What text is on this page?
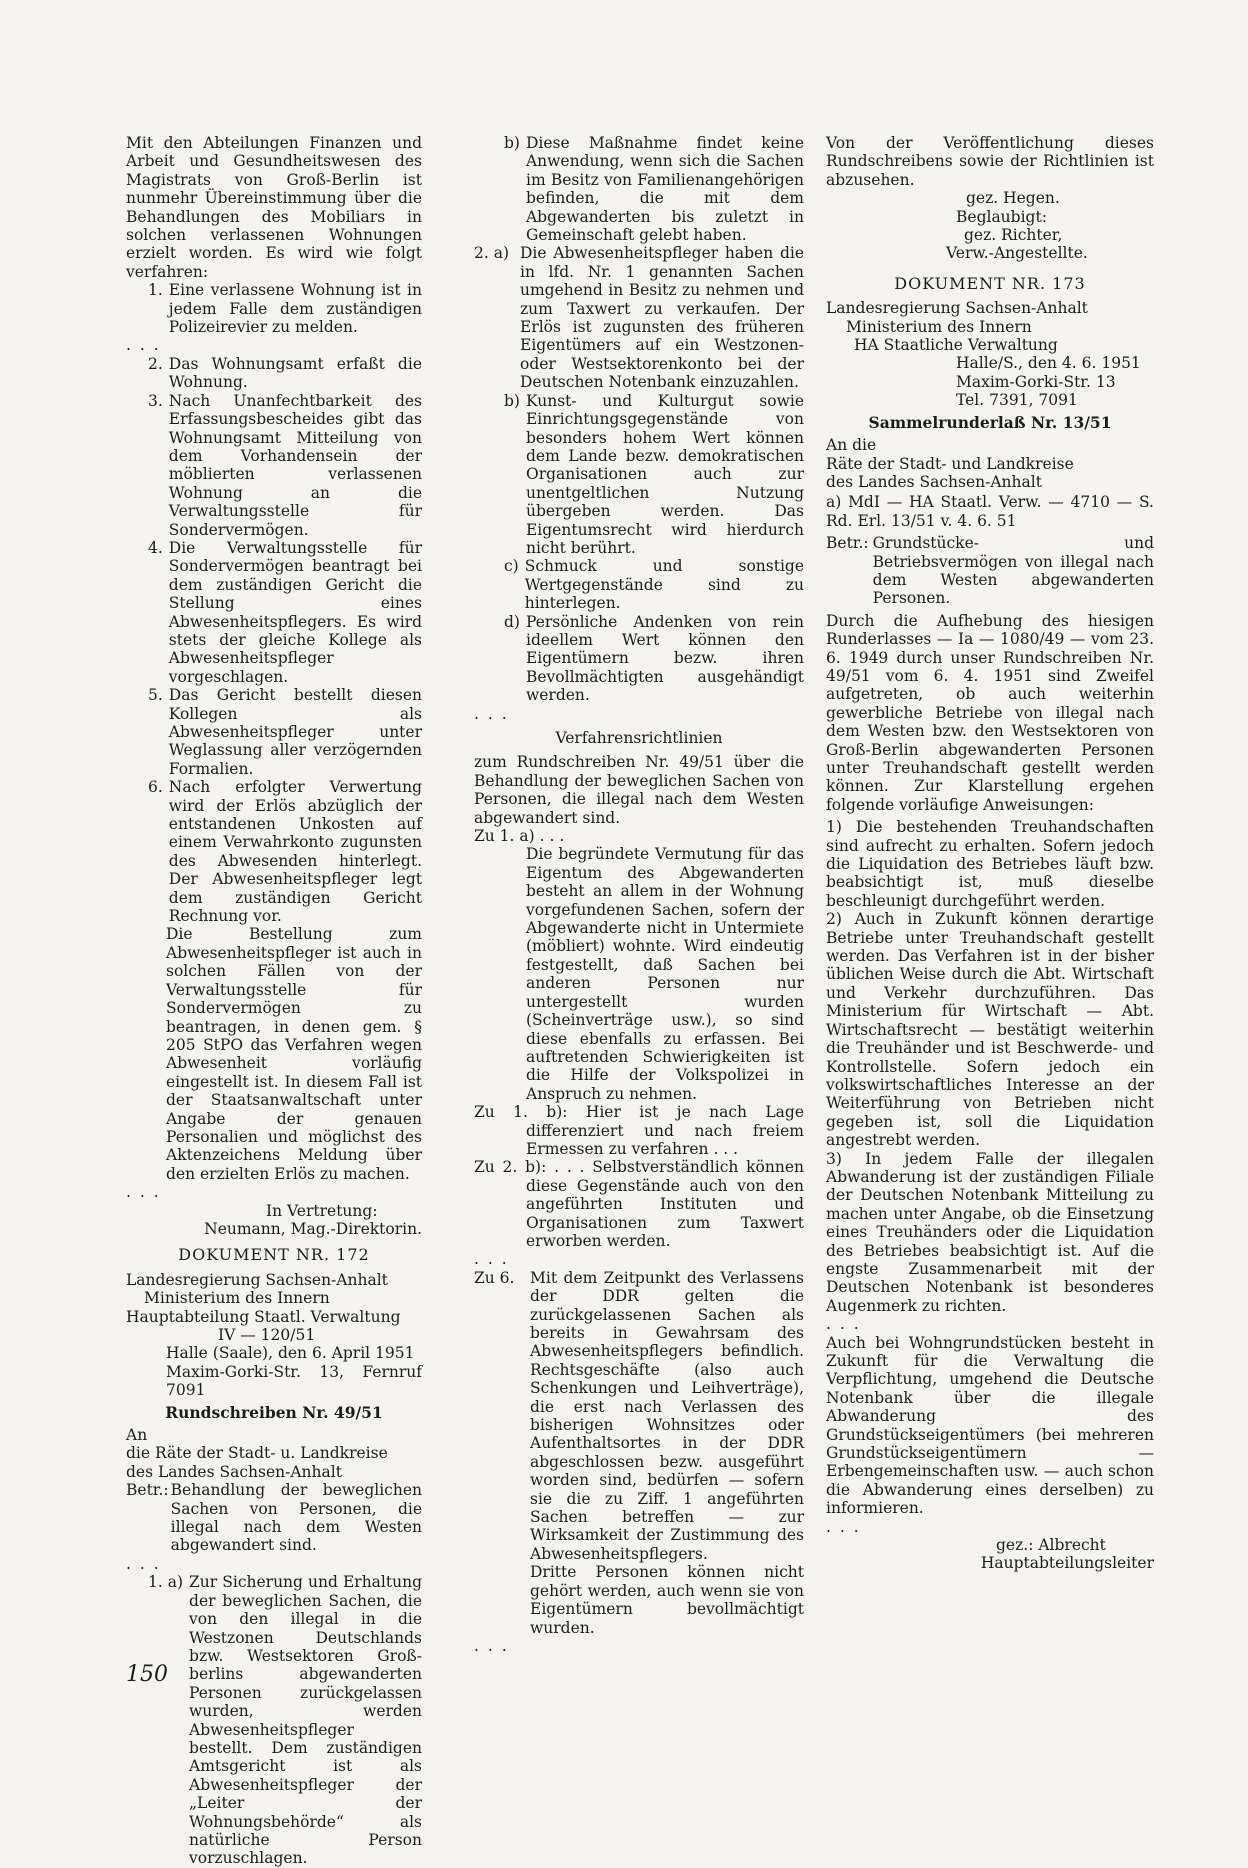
Mit den Abteilungen Finanzen und Arbeit und Gesundheitswesen des Magistrats von Groß-Berlin ist nunmehr Übereinstimmung über die Behandlungen des Mobiliars in solchen verlassenen Wohnungen erzielt worden. Es wird wie folgt verfahren:

1. Eine verlassene Wohnung ist in jedem Falle dem zuständigen Polizeirevier zu melden.

. . .

2. Das Wohnungsamt erfaßt die Wohnung.
3. Nach Unanfechtbarkeit des Erfassungsbescheides gibt das Wohnungsamt Mitteilung von dem Vorhandensein der möblierten verlassenen Wohnung an die Verwaltungsstelle für Sondervermögen.
4. Die Verwaltungsstelle für Sondervermögen beantragt bei dem zuständigen Gericht die Stellung eines Abwesenheitspflegers. Es wird stets der gleiche Kollege als Abwesenheitspfleger vorgeschlagen.
5. Das Gericht bestellt diesen Kollegen als Abwesenheitspfleger unter Weglassung aller verzögernden Formalien.
6. Nach erfolgter Verwertung wird der Erlös abzüglich der entstandenen Unkosten auf einem Verwahrkonto zugunsten des Abwesenden hinterlegt. Der Abwesenheitspfleger legt dem zuständigen Gericht Rechnung vor.

Die Bestellung zum Abwesenheitspfleger ist auch in solchen Fällen von der Verwaltungsstelle für Sondervermögen zu beantragen, in denen gem. § 205 StPO das Verfahren wegen Abwesenheit vorläufig eingestellt ist. In diesem Fall ist der Staatsanwaltschaft unter Angabe der genauen Personalien und möglichst des Aktenzeichens Meldung über den erzielten Erlös zu machen.

. . .

In Vertretung:

Neumann, Mag.-Direktorin.

DOKUMENT NR. 172

Landesregierung Sachsen-Anhalt

Ministerium des Innern

Hauptabteilung Staatl. Verwaltung

IV — 120/51

Halle (Saale), den 6. April 1951

Maxim-Gorki-Str. 13, Fernruf 7091

Rundschreiben Nr. 49/51

An

die Räte der Stadt- u. Landkreise

des Landes Sachsen-Anhalt

Betr.: Behandlung der beweglichen Sachen von Personen, die illegal nach dem Westen abgewandert sind.

. . .

1. a) Zur Sicherung und Erhaltung der beweglichen Sachen, die von den illegal in die Westzonen Deutschlands bzw. Westsektoren Groß-berlins abgewanderten Personen zurückgelassen wurden, werden Abwesenheitspfleger bestellt. Dem zuständigen Amtsgericht ist als Abwesenheitspfleger der „Leiter der Wohnungsbehörde“ als natürliche Person vorzuschlagen.
b) Diese Maßnahme findet keine Anwendung, wenn sich die Sachen im Besitz von Familienangehörigen befinden, die mit dem Abgewanderten bis zuletzt in Gemeinschaft gelebt haben.
2. a) Die Abwesenheitspfleger haben die in lfd. Nr. 1 genannten Sachen umgehend in Besitz zu nehmen und zum Taxwert zu verkaufen. Der Erlös ist zugunsten des früheren Eigentümers auf ein Westzonen- oder Westsektorenkonto bei der Deutschen Notenbank einzuzahlen.
b) Kunst- und Kulturgut sowie Einrichtungsgegenstände von besonders hohem Wert können dem Lande bezw. demokratischen Organisationen auch zur unentgeltlichen Nutzung übergeben werden. Das Eigentumsrecht wird hierdurch nicht berührt.
c) Schmuck und sonstige Wertgegenstände sind zu hinterlegen.
d) Persönliche Andenken von rein ideellem Wert können den Eigentümern bezw. ihren Bevollmächtigten ausgehändigt werden.

. . .

Verfahrensrichtlinien

zum Rundschreiben Nr. 49/51 über die Behandlung der beweglichen Sachen von Personen, die illegal nach dem Westen abgewandert sind.

Zu 1. a) . . .

Die begründete Vermutung für das Eigentum des Abgewanderten besteht an allem in der Wohnung vorgefundenen Sachen, sofern der Abgewanderte nicht in Untermiete (möbliert) wohnte. Wird eindeutig festgestellt, daß Sachen bei anderen Personen nur untergestellt wurden (Scheinverträge usw.), so sind diese ebenfalls zu erfassen. Bei auftretenden Schwierigkeiten ist die Hilfe der Volkspolizei in Anspruch zu nehmen.

Zu 1. b): Hier ist je nach Lage differenziert und nach freiem Ermessen zu verfahren . . .

Zu 2. b): . . . Selbstverständlich können diese Gegenstände auch von den angeführten Instituten und Organisationen zum Taxwert erworben werden.

. . .

Zu 6.	Mit dem Zeitpunkt des Verlassens der DDR gelten die zurückgelassenen Sachen als bereits in Gewahrsam des Abwesenheitspflegers befindlich. Rechtsgeschäfte (also auch Schenkungen und Leihverträge), die erst nach Verlassen des bisherigen Wohnsitzes oder Aufenthaltsortes in der DDR abgeschlossen bezw. ausgeführt worden sind, bedürfen — sofern sie die zu Ziff. 1 angeführten Sachen betreffen — zur Wirksamkeit der Zustimmung des Abwesenheitspflegers.

Dritte Personen können nicht gehört werden, auch wenn sie von Eigentümern bevollmächtigt wurden.

. . .

Von der Veröffentlichung dieses Rundschreibens sowie der Richtlinien ist abzusehen.

gez. Hegen.

Beglaubigt:

gez. Richter,

Verw.-Angestellte.

DOKUMENT NR. 173

Landesregierung Sachsen-Anhalt

Ministerium des Innern

HA Staatliche Verwaltung

Halle/S., den 4. 6. 1951

Maxim-Gorki-Str. 13

Tel. 7391, 7091

Sammelrunderlaß Nr. 13/51

An die

Räte der Stadt- und Landkreise

des Landes Sachsen-Anhalt

a) MdI — HA Staatl. Verw. — 4710 — S. Rd. Erl. 13/51 v. 4. 6. 51

Betr.: Grundstücke- und Betriebsvermögen von illegal nach dem Westen abgewanderten Personen.

Durch die Aufhebung des hiesigen Runderlasses — Ia — 1080/49 — vom 23. 6. 1949 durch unser Rundschreiben Nr. 49/51 vom 6. 4. 1951 sind Zweifel aufgetreten, ob auch weiterhin gewerbliche Betriebe von illegal nach dem Westen bzw. den Westsektoren von Groß-Berlin abgewanderten Personen unter Treuhandschaft gestellt werden können. Zur Klarstellung ergehen folgende vorläufige Anweisungen:

1) Die bestehenden Treuhandschaften sind aufrecht zu erhalten. Sofern jedoch die Liquidation des Betriebes läuft bzw. beabsichtigt ist, muß dieselbe beschleunigt durchgeführt werden.

2) Auch in Zukunft können derartige Betriebe unter Treuhandschaft gestellt werden. Das Verfahren ist in der bisher üblichen Weise durch die Abt. Wirtschaft und Verkehr durchzuführen. Das Ministerium für Wirtschaft — Abt. Wirtschaftsrecht — bestätigt weiterhin die Treuhänder und ist Beschwerde- und Kontrollstelle. Sofern jedoch ein volkswirtschaftliches Interesse an der Weiterführung von Betrieben nicht gegeben ist, soll die Liquidation angestrebt werden.

3) In jedem Falle der illegalen Abwanderung ist der zuständigen Filiale der Deutschen Notenbank Mitteilung zu machen unter Angabe, ob die Einsetzung eines Treuhänders oder die Liquidation des Betriebes beabsichtigt ist. Auf die engste Zusammenarbeit mit der Deutschen Notenbank ist besonderes Augenmerk zu richten.

. . .

Auch bei Wohngrundstücken besteht in Zukunft für die Verwaltung die Verpflichtung, umgehend die Deutsche Notenbank über die illegale Abwanderung des Grundstückseigentümers (bei mehreren Grundstückseigentümern — Erbengemeinschaften usw. — auch schon die Abwanderung eines derselben) zu informieren.

. . .

gez.: Albrecht

Hauptabteilungsleiter

150
